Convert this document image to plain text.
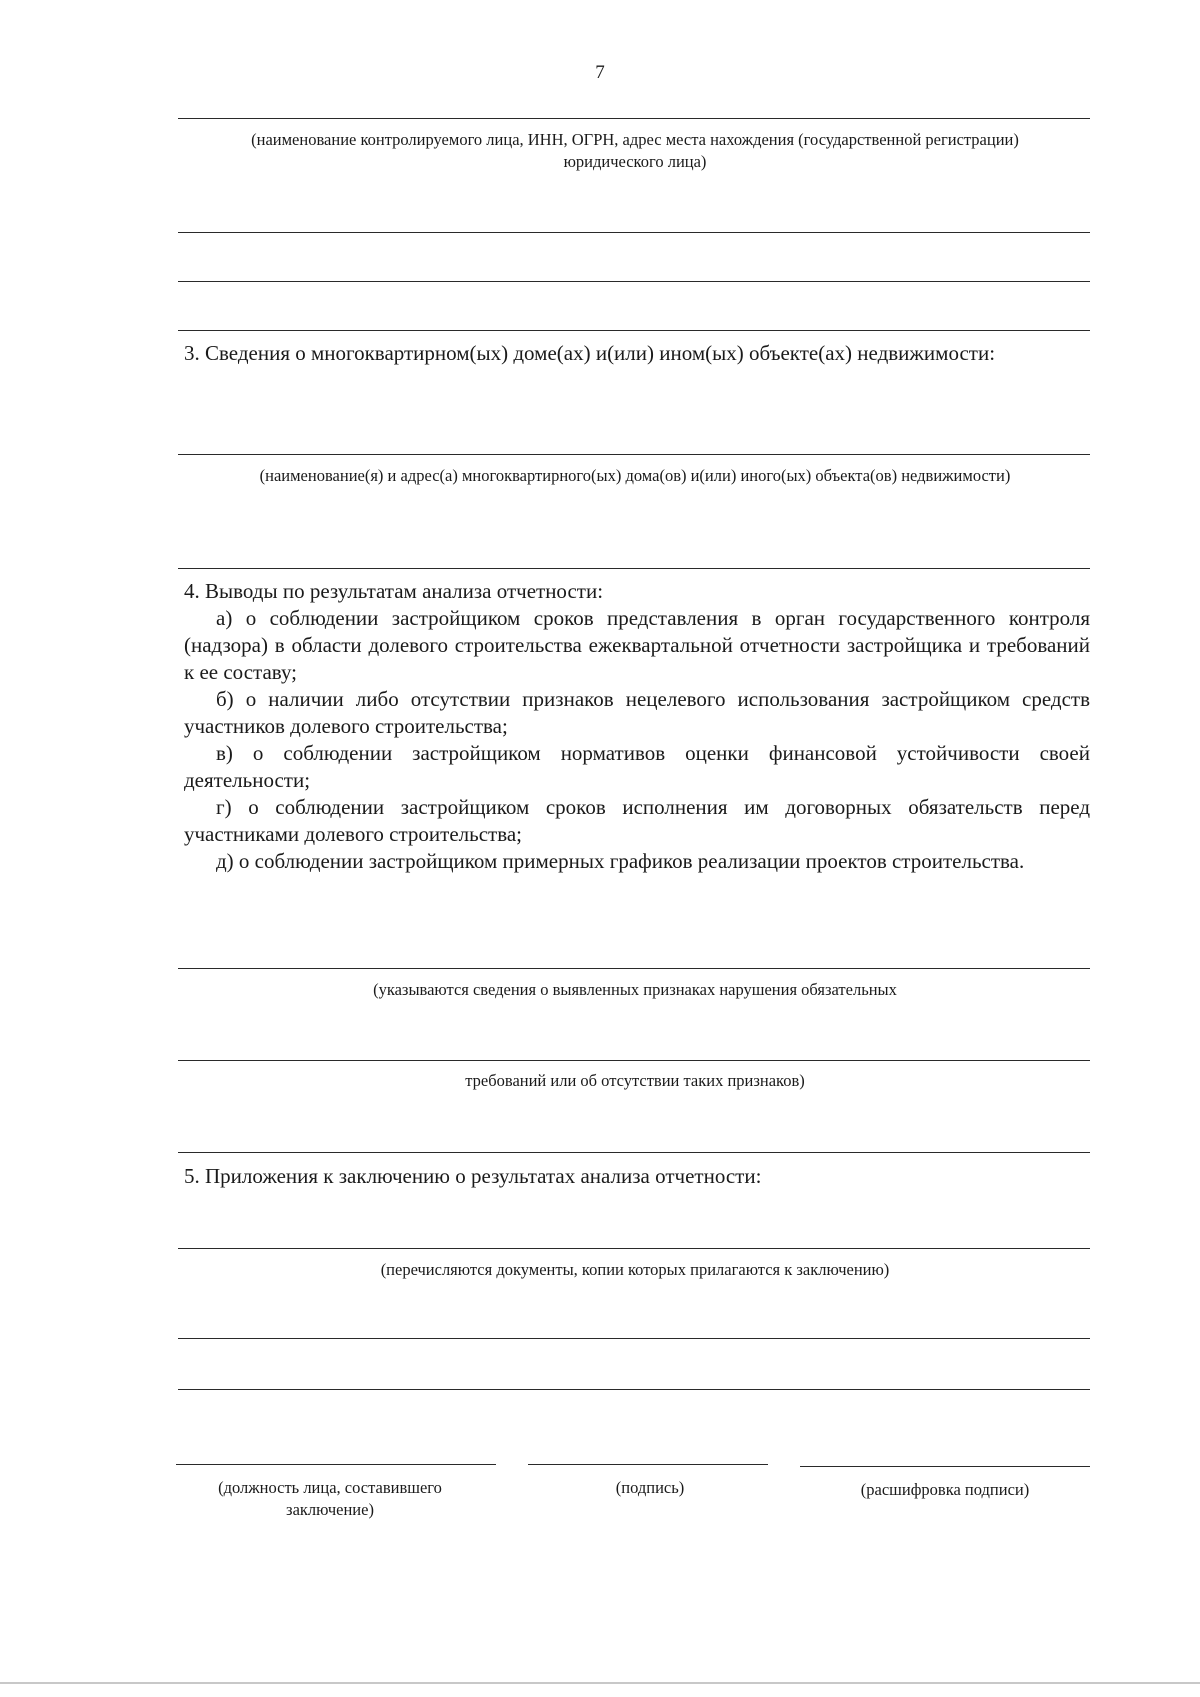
7
(наименование контролируемого лица, ИНН, ОГРН, адрес места нахождения (государственной регистрации) юридического лица)
3. Сведения о многоквартирном(ых) доме(ах) и(или) ином(ых) объекте(ах) недвижимости:
(наименование(я) и адрес(а) многоквартирного(ых) дома(ов) и(или) иного(ых) объекта(ов) недвижимости)
4. Выводы по результатам анализа отчетности:
а) о соблюдении застройщиком сроков представления в орган государственного контроля (надзора) в области долевого строительства ежеквартальной отчетности застройщика и требований к ее составу;
б) о наличии либо отсутствии признаков нецелевого использования застройщиком средств участников долевого строительства;
в) о соблюдении застройщиком нормативов оценки финансовой устойчивости своей деятельности;
г) о соблюдении застройщиком сроков исполнения им договорных обязательств перед участниками долевого строительства;
д) о соблюдении застройщиком примерных графиков реализации проектов строительства.
(указываются сведения о выявленных признаках нарушения обязательных
требований или об отсутствии таких признаков)
5. Приложения к заключению о результатах анализа отчетности:
(перечисляются документы, копии которых прилагаются к заключению)
(должность лица, составившего заключение)
(подпись)	(расшифровка подписи)
